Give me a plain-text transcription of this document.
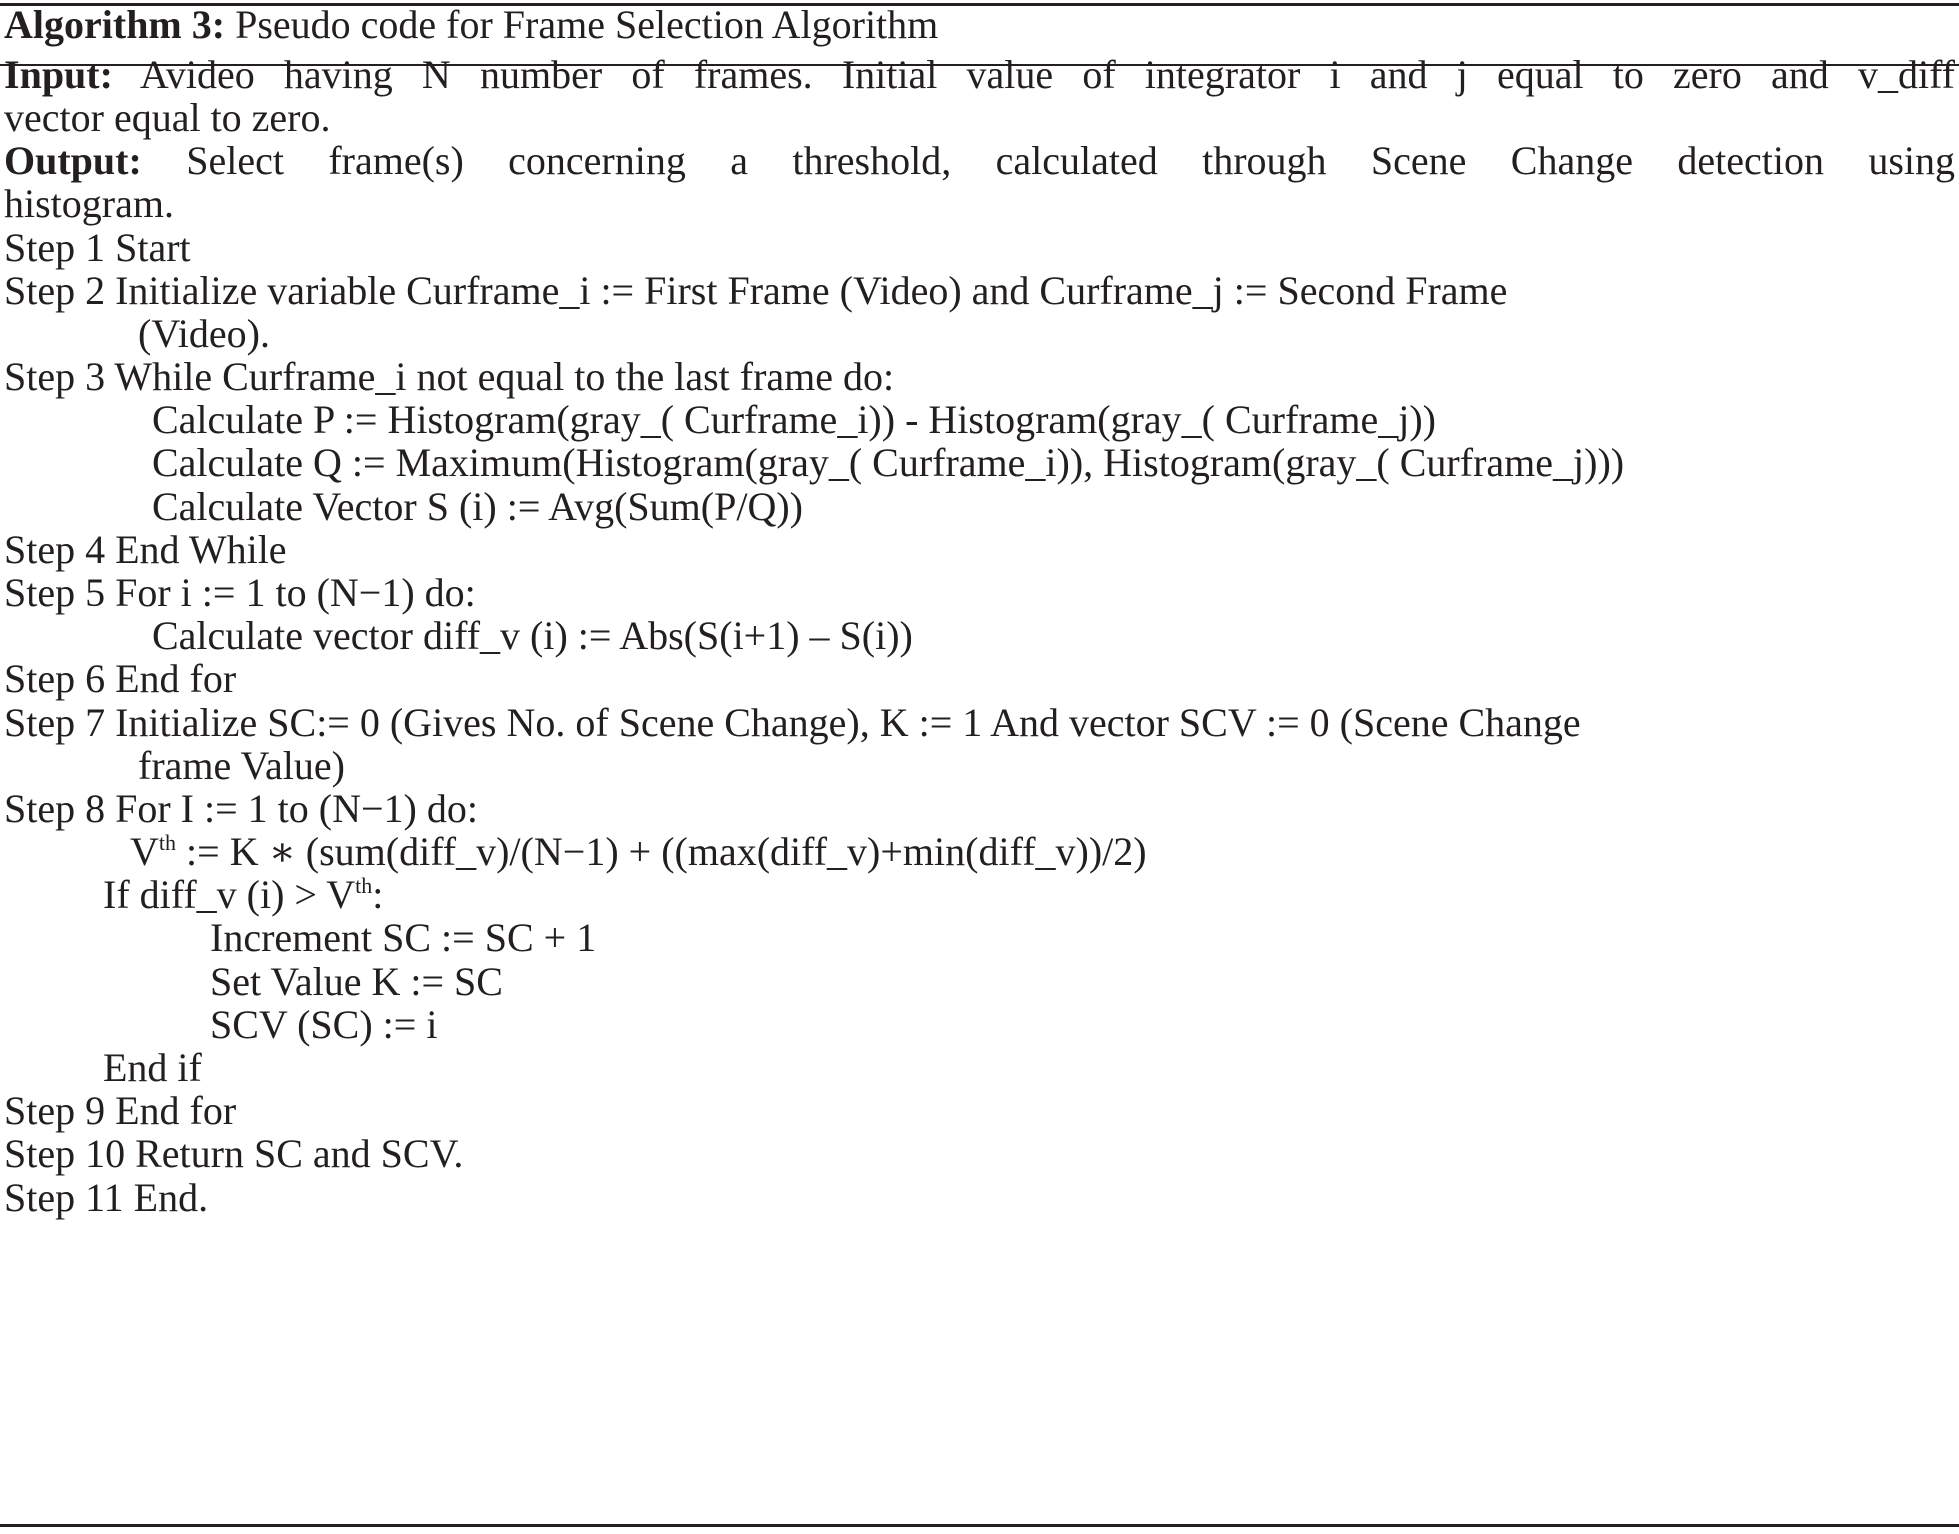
Algorithm 3: Pseudo code for Frame Selection Algorithm
Input: Avideo having N number of frames. Initial value of integrator i and j equal to zero and v_diff
vector equal to zero.
Output: Select frame(s) concerning a threshold, calculated through Scene Change detection using
histogram.
Step 1 Start
Step 2 Initialize variable Curframe_i := First Frame (Video) and Curframe_j := Second Frame
(Video).
Step 3 While Curframe_i not equal to the last frame do:
Calculate P := Histogram(gray_( Curframe_i)) - Histogram(gray_( Curframe_j))
Calculate Q := Maximum(Histogram(gray_( Curframe_i)), Histogram(gray_( Curframe_j)))
Calculate Vector S (i) := Avg(Sum(P/Q))
Step 4 End While
Step 5 For i := 1 to (N−1) do:
Calculate vector diff_v (i) := Abs(S(i+1) – S(i))
Step 6 End for
Step 7 Initialize SC:= 0 (Gives No. of Scene Change), K := 1 And vector SCV := 0 (Scene Change
frame Value)
Step 8 For I := 1 to (N−1) do:
Vth := K ∗ (sum(diff_v)/(N−1) + ((max(diff_v)+min(diff_v))/2)
If diff_v (i) > Vth:
Increment SC := SC + 1
Set Value K := SC
SCV (SC) := i
End if
Step 9 End for
Step 10 Return SC and SCV.
Step 11 End.
